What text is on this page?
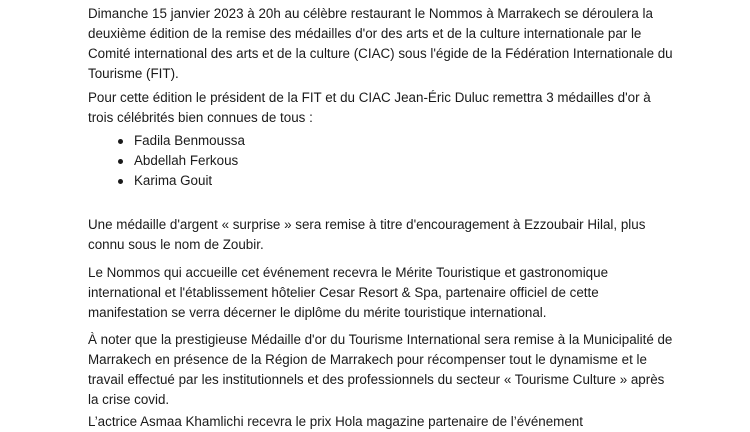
Dimanche 15 janvier 2023 à 20h au célèbre restaurant le Nommos à Marrakech se déroulera la deuxième édition de la remise des médailles d'or des arts et de la culture internationale par le Comité international des arts et de la culture (CIAC) sous l'égide de la Fédération Internationale du Tourisme (FIT).

Pour cette édition le président de la FIT et du CIAC Jean-Éric Duluc remettra 3 médailles d'or à trois célébrités bien connues de tous :

Fadila Benmoussa
Abdellah Ferkous
Karima Gouit

Une médaille d'argent « surprise » sera remise à titre d'encouragement à Ezzoubair Hilal, plus connu sous le nom de Zoubir.

Le Nommos qui accueille cet événement recevra le Mérite Touristique et gastronomique international et l'établissement hôtelier Cesar Resort & Spa, partenaire officiel de cette manifestation se verra décerner le diplôme du mérite touristique international.

À noter que la prestigieuse Médaille d'or du Tourisme International sera remise à la Municipalité de Marrakech en présence de la Région de Marrakech pour récompenser tout le dynamisme et le travail effectué par les institutionnels et des professionnels du secteur « Tourisme Culture » après la crise covid.

L’actrice Asmaa Khamlichi recevra le prix Hola magazine partenaire de l’événement
